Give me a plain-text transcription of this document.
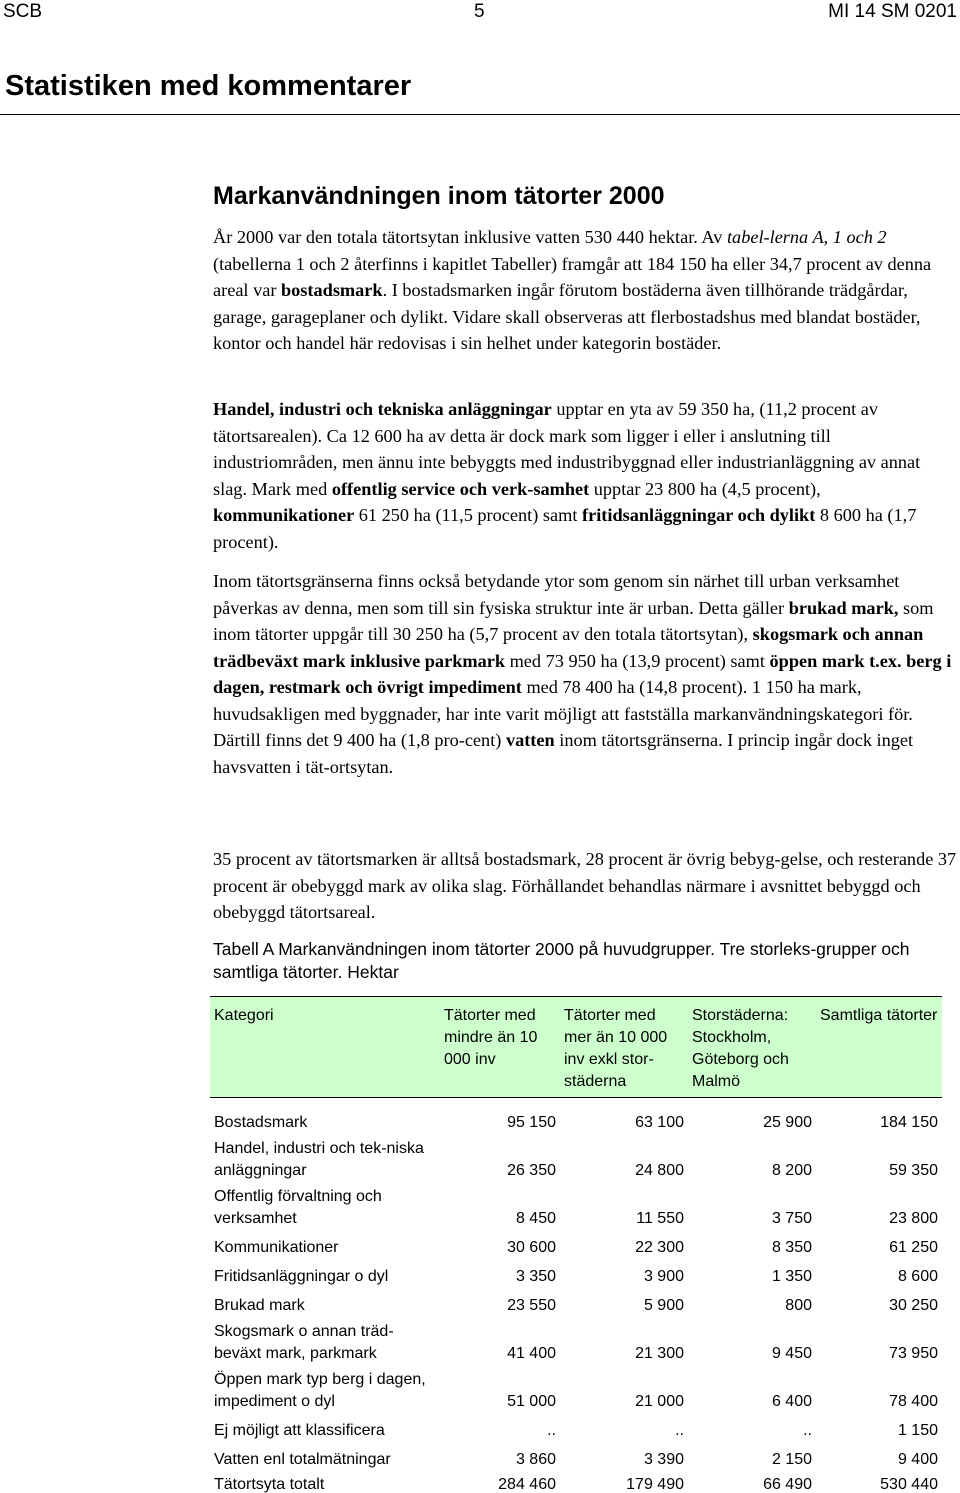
SCB	5	MI 14 SM 0201
Statistiken med kommentarer
Markanvändningen inom tätorter 2000

År 2000 var den totala tätortsytan inklusive vatten 530 440 hektar. Av tabel-lerna A, 1 och 2 (tabellerna 1 och 2 återfinns i kapitlet Tabeller) framgår att 184 150 ha eller 34,7 procent av denna areal var bostadsmark. I bostadsmarken ingår förutom bostäderna även tillhörande trädgårdar, garage, garageplaner och dylikt. Vidare skall observeras att flerbostadshus med blandat bostäder, kontor och handel här redovisas i sin helhet under kategorin bostäder.

Handel, industri och tekniska anläggningar upptar en yta av 59 350 ha, (11,2 procent av tätortsarealen). Ca 12 600 ha av detta är dock mark som ligger i eller i anslutning till industriområden, men ännu inte bebyggts med industribyggnad eller industrianläggning av annat slag. Mark med offentlig service och verk-samhet upptar 23 800 ha (4,5 procent), kommunikationer 61 250 ha (11,5 procent) samt fritidsanläggningar och dylikt 8 600 ha (1,7 procent).

Inom tätortsgränserna finns också betydande ytor som genom sin närhet till urban verksamhet påverkas av denna, men som till sin fysiska struktur inte är urban. Detta gäller brukad mark, som inom tätorter uppgår till 30 250 ha (5,7 procent av den totala tätortsytan), skogsmark och annan trädbeväxt mark inklusive parkmark med 73 950 ha (13,9 procent) samt öppen mark t.ex. berg i dagen, restmark och övrigt impediment med 78 400 ha (14,8 procent). 1 150 ha mark, huvudsakligen med byggnader, har inte varit möjligt att fastställa markanvändningskategori för. Därtill finns det 9 400 ha (1,8 pro-cent) vatten inom tätortsgränserna. I princip ingår dock inget havsvatten i tät-ortsytan.

35 procent av tätortsmarken är alltså bostadsmark, 28 procent är övrig bebyg-gelse, och resterande 37 procent är obebyggd mark av olika slag. Förhållandet behandlas närmare i avsnittet bebyggd och obebyggd tätortsareal.

Tabell A Markanvändningen inom tätorter 2000 på huvudgrupper. Tre storleks-grupper och samtliga tätorter. Hektar
Kategori	Tätorter med mindre än 10 000 inv	Tätorter med mer än 10 000 inv exkl stor-städerna	Storstäderna: Stockholm, Göteborg och Malmö	Samtliga tätorter

Bostadsmark	95 150	63 100	25 900	184 150
Handel, industri och tek-niska anläggningar	26 350	24 800	8 200	59 350
Offentlig förvaltning och verksamhet	8 450	11 550	3 750	23 800
Kommunikationer	30 600	22 300	8 350	61 250
Fritidsanläggningar o dyl	3 350	3 900	1 350	8 600
Brukad mark	23 550	5 900	800	30 250
Skogsmark o annan träd-beväxt mark, parkmark	41 400	21 300	9 450	73 950
Öppen mark typ berg i dagen, impediment o dyl	51 000	21 000	6 400	78 400
Ej möjligt att klassificera	..	..	..	1 150
Vatten enl totalmätningar	3 860	3 390	2 150	9 400
Tätortsyta totalt	284 460	179 490	66 490	530 440
